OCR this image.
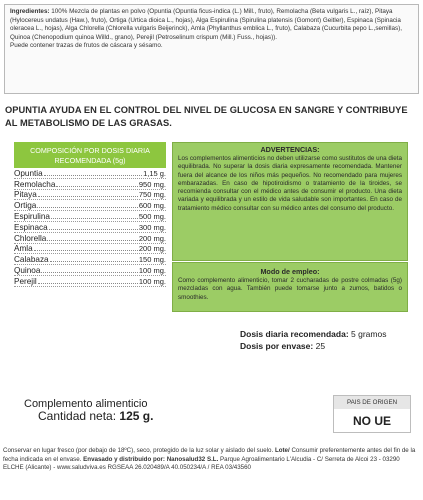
Ingredientes: 100% Mezcla de plantas en polvo (Opuntia (Opuntia ficus-indica (L.) Mill., fruto), Remolacha (Beta vulgaris L., raíz), Pitaya (Hylocereus undatus (Haw.), fruto), Ortiga (Urtica dioica L., hojas), Alga Espirulina (Spirulina platensis (Gomont) Geitler), Espinaca (Spinacia oleracea L., hojas), Alga Chlorella (Chlorella vulgaris Beijerinck), Amla (Phyllanthus emblica L., fruto), Calabaza (Cucurbita pepo L.,semillas), Quinoa (Chenopodium quinoa Willd., grano), Perejil (Petroselinum crispum (Mill.) Fuss., hojas)).
Puede contener trazas de frutos de cáscara y sésamo.
OPUNTIA AYUDA EN EL CONTROL DEL NIVEL DE GLUCOSA EN SANGRE Y CONTRIBUYE AL METABOLISMO DE LAS GRASAS.
COMPOSICIÓN POR DOSIS DIARIA RECOMENDADA (5g)
Opuntia	1,15 g.
Remolacha	950 mg.
Pitaya	750 mg.
Ortiga	600 mg.
Espirulina	500 mg.
Espinaca	300 mg.
Chlorella	200 mg.
Amla	200 mg.
Calabaza	150 mg.
Quinoa	100 mg.
Perejil	100 mg.
ADVERTENCIAS:
Los complementos alimenticios no deben utilizarse como sustitutos de una dieta equilibrada. No superar la dosis diaria expresamente recomendada. Mantener fuera del alcance de los niños más pequeños. No recomendado para mujeres embarazadas. En caso de hipotiroidismo o tratamiento de la tiroides, se recomienda consultar con el médico antes de consumir el producto. Una dieta variada y equilibrada y un estilo de vida saludable son importantes. En caso de tratamiento médico consultar con su médico antes del consumo del producto.
Modo de empleo:
Como complemento alimenticio, tomar 2 cucharadas de postre colmadas (5g) mezcladas con agua. También puede tomarse junto a zumos, batidos o smoothies.
Dosis diaria recomendada: 5 gramos
Dosis por envase: 25
Complemento alimenticio
Cantidad neta: 125 g.
PAIS DE ORIGEN
NO UE
Conservar en lugar fresco (por debajo de 18ºC), seco, protegido de la luz solar y aislado del suelo. Lote/ Consumir preferentemente antes del fin de la fecha indicada en el envase. Envasado y distribuido por: Nanosalud32 S.L. Parque Agroalimentario L'Alcudia - C/ Serreta de Alcoi 23 - 03290 ELCHE (Alicante) - www.saludviva.es RGSEAA 26.020489/A 40.050234/A / REA 03/43560
